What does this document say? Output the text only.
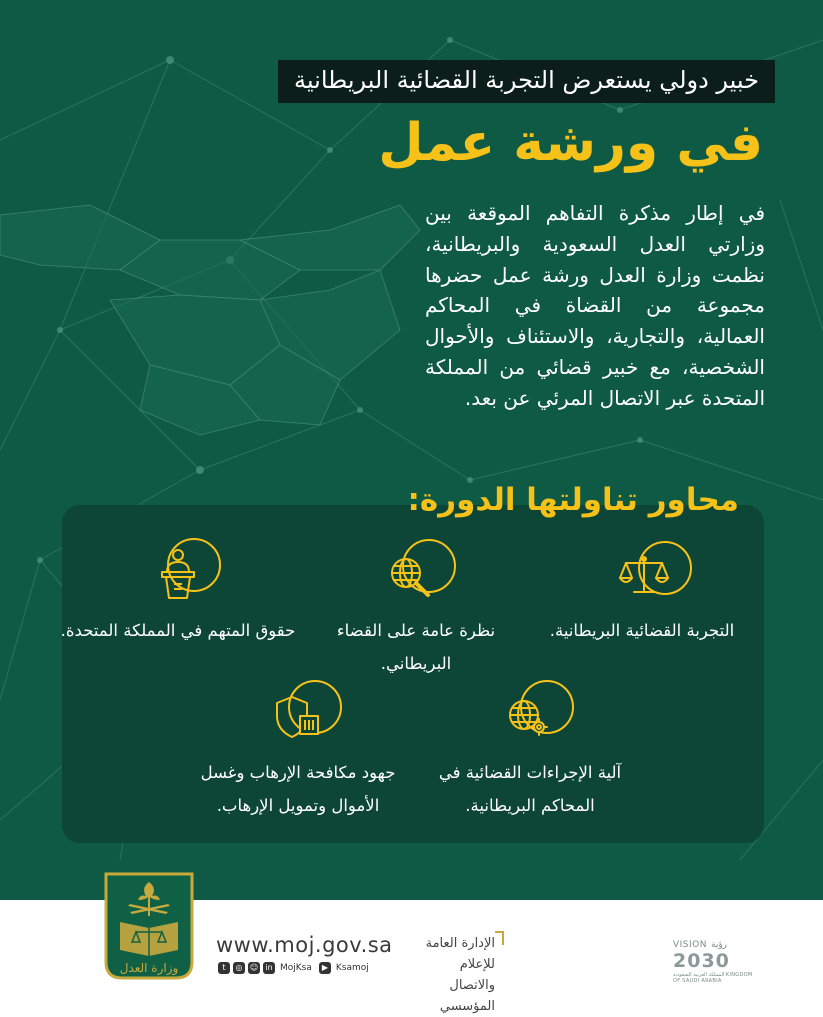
خبير دولي يستعرض التجربة القضائية البريطانية
في ورشة عمل

في إطار مذكرة التفاهم الموقعة بين وزارتي العدل السعودية والبريطانية، نظمت وزارة العدل ورشة عمل حضرها مجموعة من القضاة في المحاكم العمالية، والتجارية، والاستئناف والأحوال الشخصية، مع خبير قضائي من المملكة المتحدة عبر الاتصال المرئي عن بعد.

محاور تناولتها الدورة:
التجربة القضائية البريطانية.
نظرة عامة على القضاء البريطاني.
حقوق المتهم في المملكة المتحدة.
آلية الإجراءات القضائية في المحاكم البريطانية.
جهود مكافحة الإرهاب وغسل الأموال وتمويل الإرهاب.
وزارة العدل
www.moj.gov.sa
t	◎ ☺ in MojKsa	▶ Ksamoj
الإدارة العامة للإعلام
والاتصال المؤسسي
VISION رؤية
2030
المملكة العربية السعودية KINGDOM OF SAUDI ARABIA
